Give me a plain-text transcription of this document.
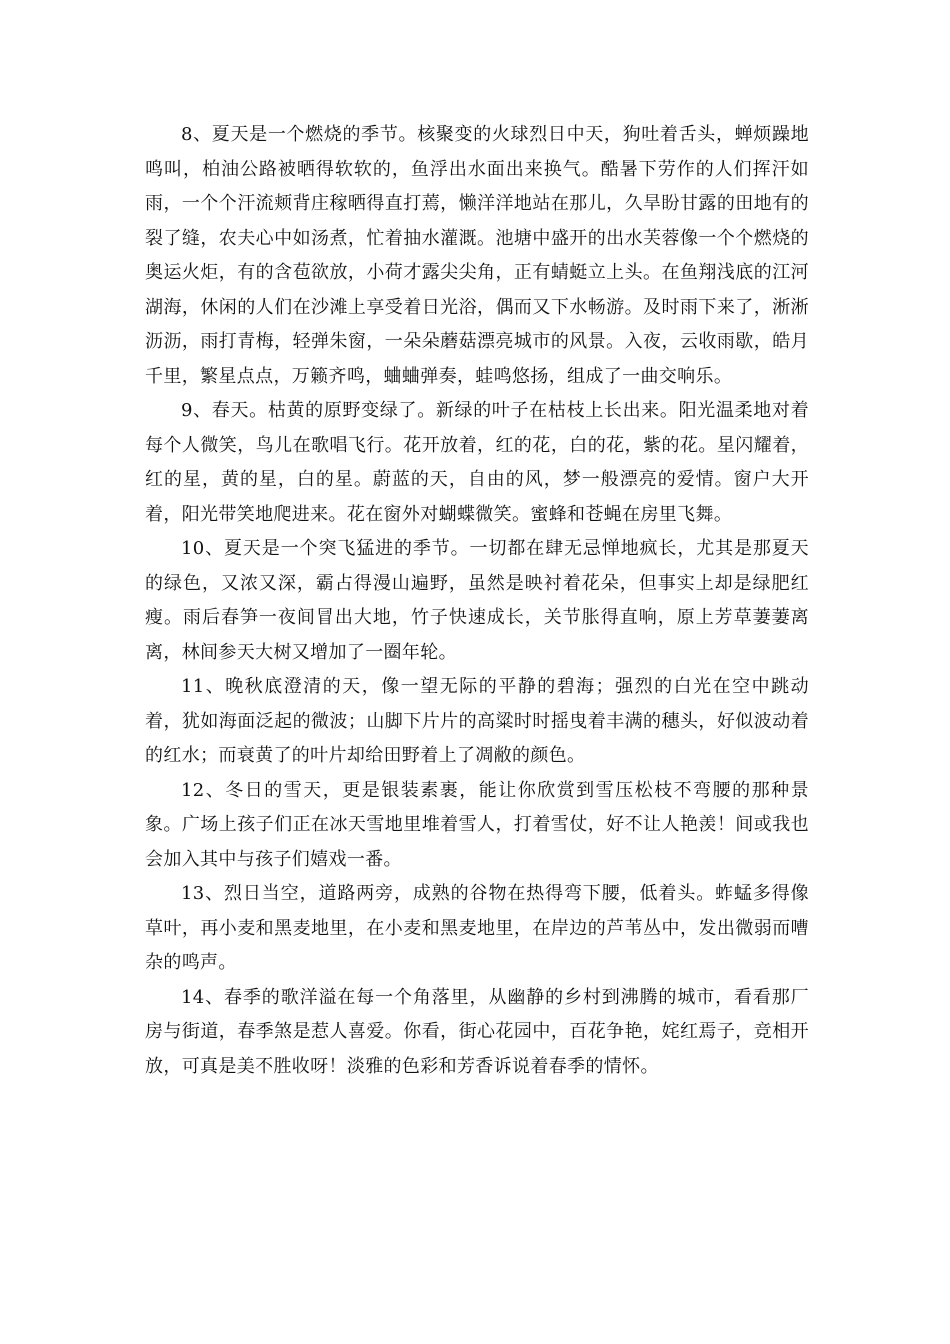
8、夏天是一个燃烧的季节。核聚变的火球烈日中天，狗吐着舌头，蝉烦躁地鸣叫，柏油公路被晒得软软的，鱼浮出水面出来换气。酷暑下劳作的人们挥汗如雨，一个个汗流颊背庄稼晒得直打蔫，懒洋洋地站在那儿，久旱盼甘露的田地有的裂了缝，农夫心中如汤煮，忙着抽水灌溉。池塘中盛开的出水芙蓉像一个个燃烧的奥运火炬，有的含苞欲放，小荷才露尖尖角，正有蜻蜓立上头。在鱼翔浅底的江河湖海，休闲的人们在沙滩上享受着日光浴，偶而又下水畅游。及时雨下来了，淅淅沥沥，雨打青梅，轻弹朱窗，一朵朵蘑菇漂亮城市的风景。入夜，云收雨歇，皓月千里，繁星点点，万籁齐鸣，蛐蛐弹奏，蛙鸣悠扬，组成了一曲交响乐。

9、春天。枯黄的原野变绿了。新绿的叶子在枯枝上长出来。阳光温柔地对着每个人微笑，鸟儿在歌唱飞行。花开放着，红的花，白的花，紫的花。星闪耀着，红的星，黄的星，白的星。蔚蓝的天，自由的风，梦一般漂亮的爱情。窗户大开着，阳光带笑地爬进来。花在窗外对蝴蝶微笑。蜜蜂和苍蝇在房里飞舞。

10、夏天是一个突飞猛进的季节。一切都在肆无忌惮地疯长，尤其是那夏天的绿色，又浓又深，霸占得漫山遍野，虽然是映衬着花朵，但事实上却是绿肥红瘦。雨后春笋一夜间冒出大地，竹子快速成长，关节胀得直响，原上芳草萋萋离离，林间参天大树又增加了一圈年轮。

11、晚秋底澄清的天，像一望无际的平静的碧海；强烈的白光在空中跳动着，犹如海面泛起的微波；山脚下片片的高粱时时摇曳着丰满的穗头，好似波动着的红水；而衰黄了的叶片却给田野着上了凋敝的颜色。

12、冬日的雪天，更是银装素裹，能让你欣赏到雪压松枝不弯腰的那种景象。广场上孩子们正在冰天雪地里堆着雪人，打着雪仗，好不让人艳羡！间或我也会加入其中与孩子们嬉戏一番。

13、烈日当空，道路两旁，成熟的谷物在热得弯下腰，低着头。蚱蜢多得像草叶，再小麦和黑麦地里，在小麦和黑麦地里，在岸边的芦苇丛中，发出微弱而嘈杂的鸣声。

14、春季的歌洋溢在每一个角落里，从幽静的乡村到沸腾的城市，看看那厂房与街道，春季煞是惹人喜爱。你看，街心花园中，百花争艳，姹红焉子，竞相开放，可真是美不胜收呀！淡雅的色彩和芳香诉说着春季的情怀。
